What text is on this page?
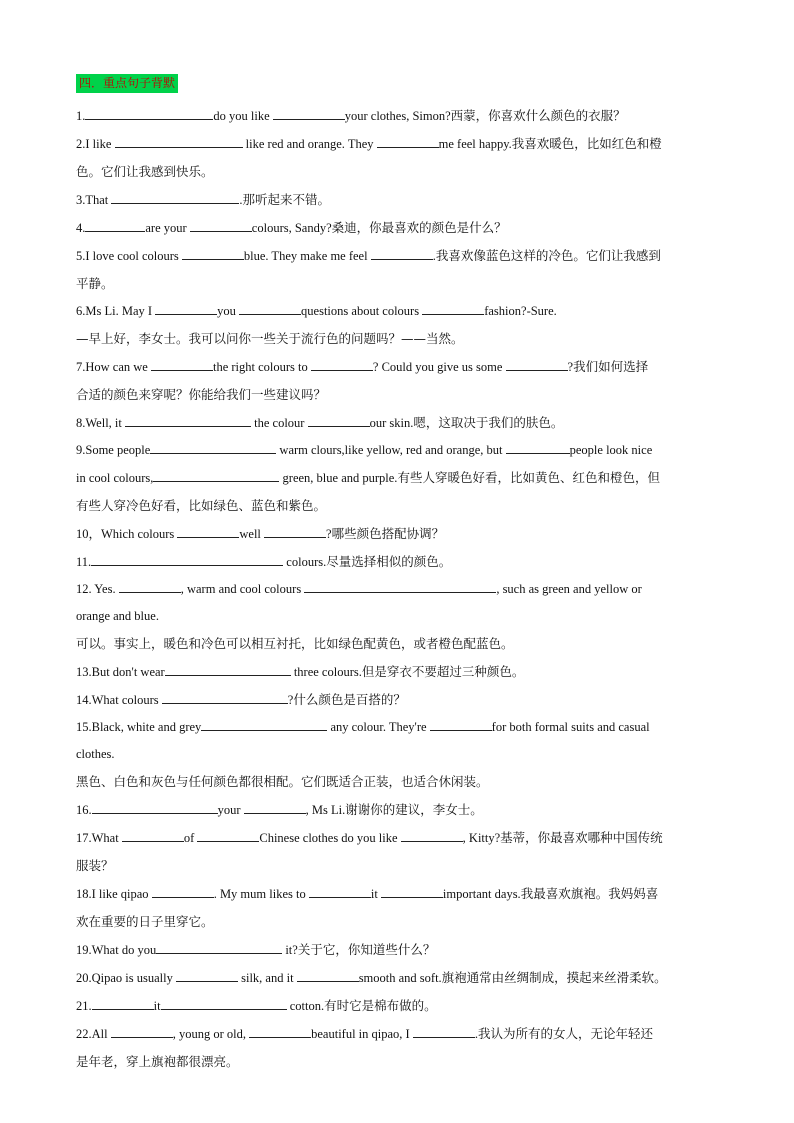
四．重点句子背默
1.	do you like	your clothes, Simon?西蒙，你喜欢什么颜色的衣服？
2.I like	like red and orange. They	me feel happy.我喜欢暖色，比如红色和橙
色。它们让我感到快乐。
3.That	.那听起来不错。
4.	are your	colours, Sandy?桑迪，你最喜欢的颜色是什么？
5.I love cool colours	blue. They make me feel	.我喜欢像蓝色这样的冷色。它们让我感到
平静。
6.Ms Li. May I	you	questions about colours	fashion?-Sure.
—早上好，李女士。我可以问你一些关于流行色的问题吗？——当然。
7.How can we	the right colours to	? Could you give us some	?我们如何选择
合适的颜色来穿呢？你能给我们一些建议吗？
8.Well, it	the colour	our skin.嗯，这取决于我们的肤色。
9.Some people	warm clours,like yellow, red and orange, but	people look nice
in cool colours,	green, blue and purple.有些人穿暖色好看，比如黄色、红色和橙色，但
有些人穿冷色好看，比如绿色、蓝色和紫色。
10，Which colours	well	?哪些颜色搭配协调？
11.	colours.尽量选择相似的颜色。
12. Yes.	, warm and cool colours	, such as green and yellow or
orange and blue.
可以。事实上，暖色和冷色可以相互衬托，比如绿色配黄色，或者橙色配蓝色。
13.But don't wear	three colours.但是穿衣不要超过三种颜色。
14.What colours	?什么颜色是百搭的？
15.Black, white and grey	any colour. They're	for both formal suits and casual
clothes.
黑色、白色和灰色与任何颜色都很相配。它们既适合正装，也适合休闲装。
16.	your	, Ms Li.谢谢你的建议，李女士。
17.What	of	Chinese clothes do you like	, Kitty?基蒂，你最喜欢哪种中国传统
服装？
18.I like qipao	. My mum likes to	it	important days.我最喜欢旗袍。我妈妈喜
欢在重要的日子里穿它。
19.What do you	it?关于它，你知道些什么？
20.Qipao is usually	silk, and it	smooth and soft.旗袍通常由丝绸制成，摸起来丝滑柔软。
21.	it	cotton.有时它是棉布做的。
22.All	, young or old,	beautiful in qipao, I	.我认为所有的女人，无论年轻还
是年老，穿上旗袍都很漂亮。
